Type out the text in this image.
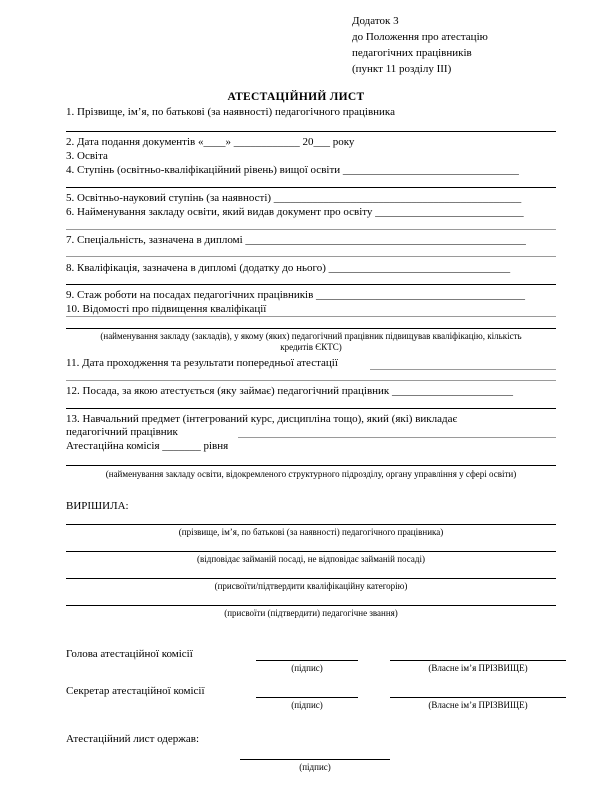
Додаток 3
до Положення про атестацію
педагогічних працівників
(пункт 11 розділу ІІІ)
АТЕСТАЦІЙНИЙ ЛИСТ
1. Прізвище, ім’я, по батькові (за наявності) педагогічного працівника
2. Дата подання документів «____» ____________ 20___ року
3. Освіта
4. Ступінь (освітньо-кваліфікаційний рівень) вищої освіти ________________________________
5. Освітньо-науковий ступінь (за наявності) _____________________________________________
6. Найменування закладу освіти, який видав документ про освіту ___________________________
7. Спеціальність, зазначена в дипломі ___________________________________________________
8. Кваліфікація, зазначена в дипломі (додатку до нього) _________________________________
9. Стаж роботи на посадах педагогічних працівників ______________________________________
10. Відомості про підвищення кваліфікації
(найменування закладу (закладів), у якому (яких) педагогічний працівник підвищував кваліфікацію, кількість
кредитів ЄКТС)
11. Дата проходження та результати попередньої атестації
12. Посада, за якою атестується (яку займає) педагогічний працівник ______________________
13. Навчальний предмет (інтегрований курс, дисципліна тощо), який (які) викладає
педагогічний працівник
Атестаційна комісія _______ рівня
(найменування закладу освіти, відокремленого структурного підрозділу, органу управління у сфері освіти)
ВИРІШИЛА:
(прізвище, ім’я, по батькові (за наявності) педагогічного працівника)
(відповідає займаній посаді, не відповідає займаній посаді)
(присвоїти/підтвердити кваліфікаційну категорію)
(присвоїти (підтвердити) педагогічне звання)
Голова атестаційної комісії
(підпис)	(Власне ім’я ПРІЗВИЩЕ)
Секретар атестаційної комісії
(підпис)	(Власне ім’я ПРІЗВИЩЕ)
Атестаційний лист одержав:
(підпис)
